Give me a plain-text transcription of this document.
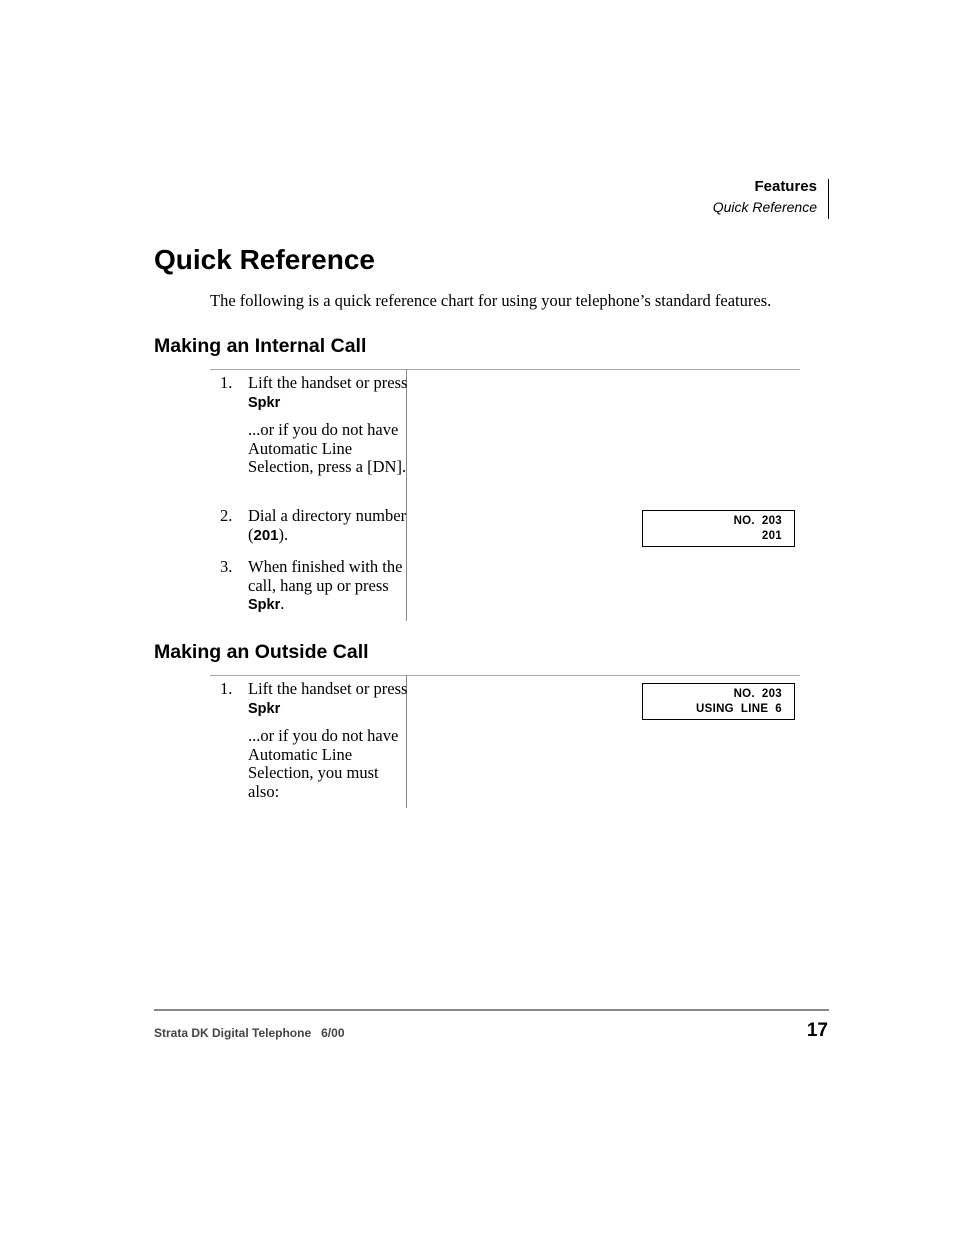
Features
Quick Reference
Quick Reference

The following is a quick reference chart for using your telephone’s standard features.

Making an Internal Call
1. Lift the handset or press Spkr
...or if you do not have Automatic Line Selection, press a [DN].
2. Dial a directory number (201).
3. When finished with the call, hang up or press Spkr.
NO.  203
201
Making an Outside Call
1. Lift the handset or press Spkr
...or if you do not have Automatic Line Selection, you must also:
NO.  203
USING  LINE  6
Strata DK Digital Telephone   6/00	17
